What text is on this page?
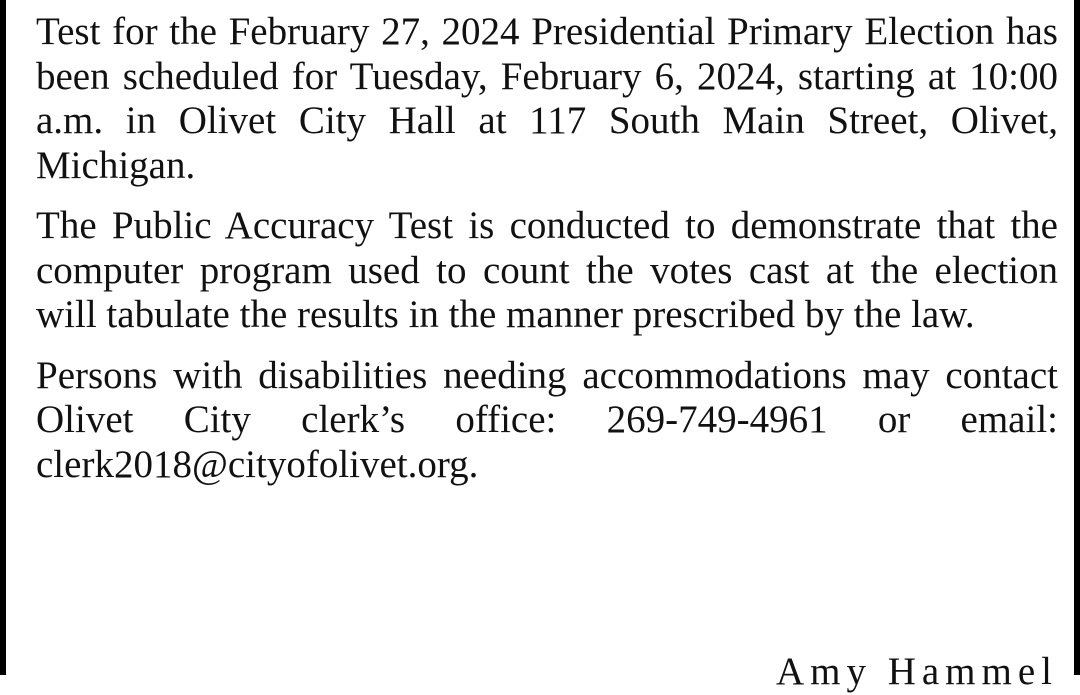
Test for the February 27, 2024 Presidential Primary Election has been scheduled for Tuesday, February 6, 2024, starting at 10:00 a.m. in Olivet City Hall at 117 South Main Street, Olivet, Michigan.

The Public Accuracy Test is conducted to demonstrate that the computer program used to count the votes cast at the election will tabulate the results in the manner prescribed by the law.

Persons with disabilities needing accommodations may contact Olivet City clerk’s office: 269-749-4961 or email: clerk2018@cityofolivet.org.

Amy Hammel
